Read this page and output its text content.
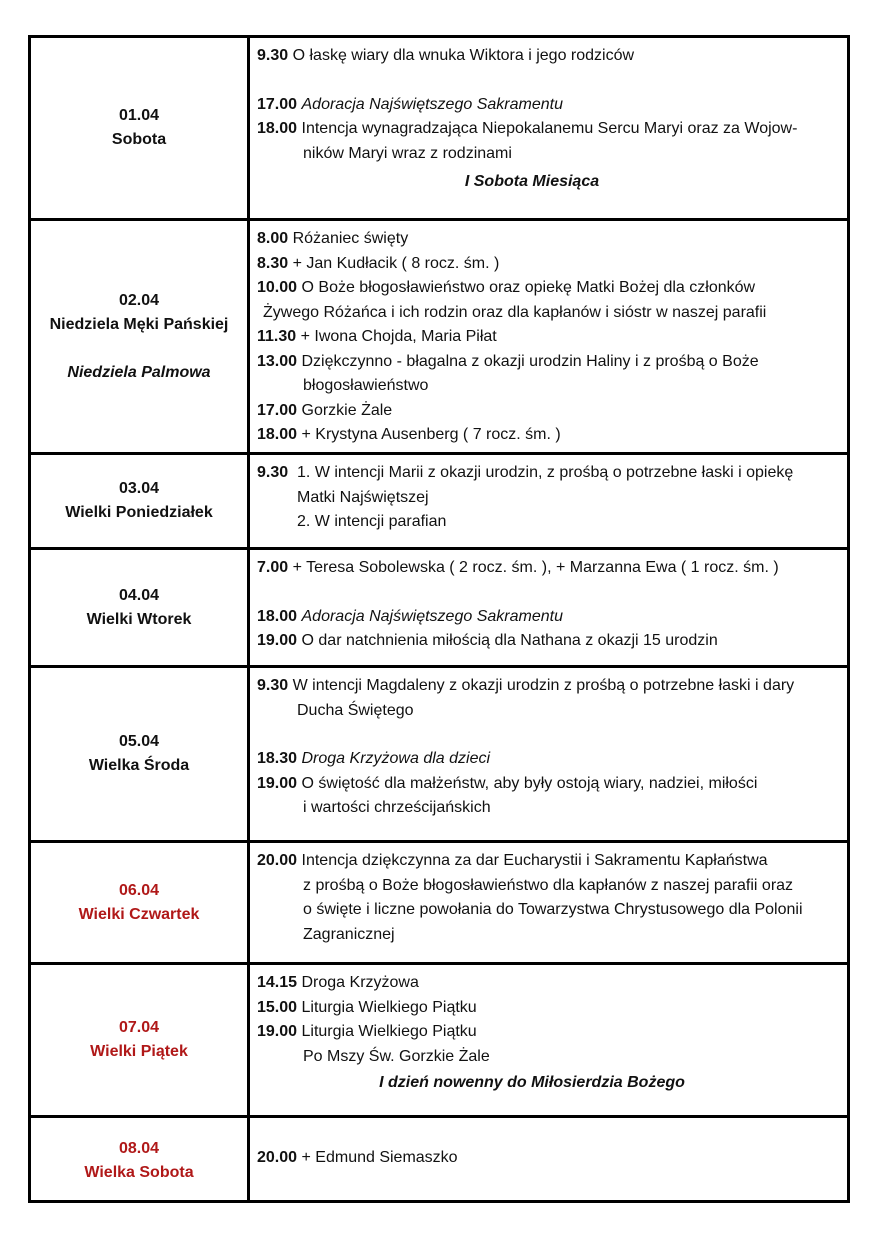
01.04
Sobota
9.30 O łaskę wiary dla wnuka Wiktora i jego rodziców
17.00 Adoracja Najświętszego Sakramentu
18.00 Intencja wynagradzająca Niepokalanemu Sercu Maryi oraz za Wojow-
ników Maryi wraz z rodzinami
I Sobota Miesiąca
02.04
Niedziela Męki Pańskiej
Niedziela Palmowa
8.00 Różaniec święty
8.30 + Jan Kudłacik ( 8 rocz. śm. )
10.00 O Boże błogosławieństwo oraz opiekę Matki Bożej dla członków
Żywego Różańca i ich rodzin oraz dla kapłanów i sióstr w naszej parafii
11.30 + Iwona Chojda, Maria Piłat
13.00 Dziękczynno - błagalna z okazji urodzin Haliny i z prośbą o Boże
błogosławieństwo
17.00 Gorzkie Żale
18.00 + Krystyna Ausenberg ( 7 rocz. śm. )
03.04
Wielki Poniedziałek
9.30 1. W intencji Marii z okazji urodzin, z prośbą o potrzebne łaski i opiekę
Matki Najświętszej
2. W intencji parafian
04.04
Wielki Wtorek
7.00 + Teresa Sobolewska ( 2 rocz. śm. ), + Marzanna Ewa ( 1 rocz. śm. )
18.00 Adoracja Najświętszego Sakramentu
19.00 O dar natchnienia miłością dla Nathana z okazji 15 urodzin
05.04
Wielka Środa
9.30 W intencji Magdaleny z okazji urodzin z prośbą o potrzebne łaski i dary
Ducha Świętego
18.30 Droga Krzyżowa dla dzieci
19.00 O świętość dla małżeństw, aby były ostoją wiary, nadziei, miłości
i wartości chrześcijańskich
06.04
Wielki Czwartek
20.00 Intencja dziękczynna za dar Eucharystii i Sakramentu Kapłaństwa
z prośbą o Boże błogosławieństwo dla kapłanów z naszej parafii oraz
o święte i liczne powołania do Towarzystwa Chrystusowego dla Polonii
Zagranicznej
07.04
Wielki Piątek
14.15 Droga Krzyżowa
15.00 Liturgia Wielkiego Piątku
19.00 Liturgia Wielkiego Piątku
Po Mszy Św. Gorzkie Żale
I dzień nowenny do Miłosierdzia Bożego
08.04
Wielka Sobota
20.00 + Edmund Siemaszko
